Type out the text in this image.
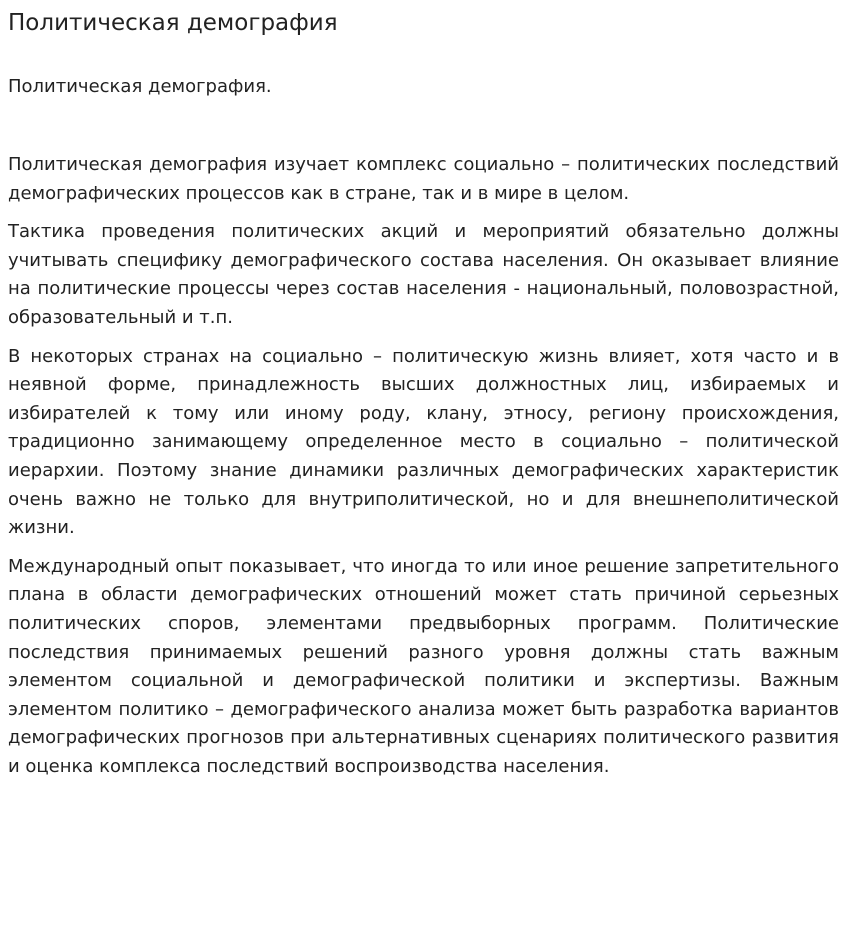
Политическая демография
Политическая демография.

Политическая демография изучает комплекс социально – политических последствий демографических процессов как в стране, так и в мире в целом.

Тактика проведения политических акций и мероприятий обязательно должны учитывать специфику демографического состава населения. Он оказывает влияние на политические процессы через состав населения - национальный, половозрастной, образовательный и т.п.

В некоторых странах на социально – политическую жизнь влияет, хотя часто и в неявной форме, принадлежность высших должностных лиц, избираемых и избирателей к тому или иному роду, клану, этносу, региону происхождения, традиционно занимающему определенное место в социально – политической иерархии. Поэтому знание динамики различных демографических характеристик очень важно не только для внутриполитической, но и для внешнеполитической жизни.

Международный опыт показывает, что иногда то или иное решение запретительного плана в области демографических отношений может стать причиной серьезных политических споров, элементами предвыборных программ. Политические последствия принимаемых решений разного уровня должны стать важным элементом социальной и демографической политики и экспертизы. Важным элементом политико – демографического анализа может быть разработка вариантов демографических прогнозов при альтернативных сценариях политического развития и оценка комплекса последствий воспроизводства населения.
